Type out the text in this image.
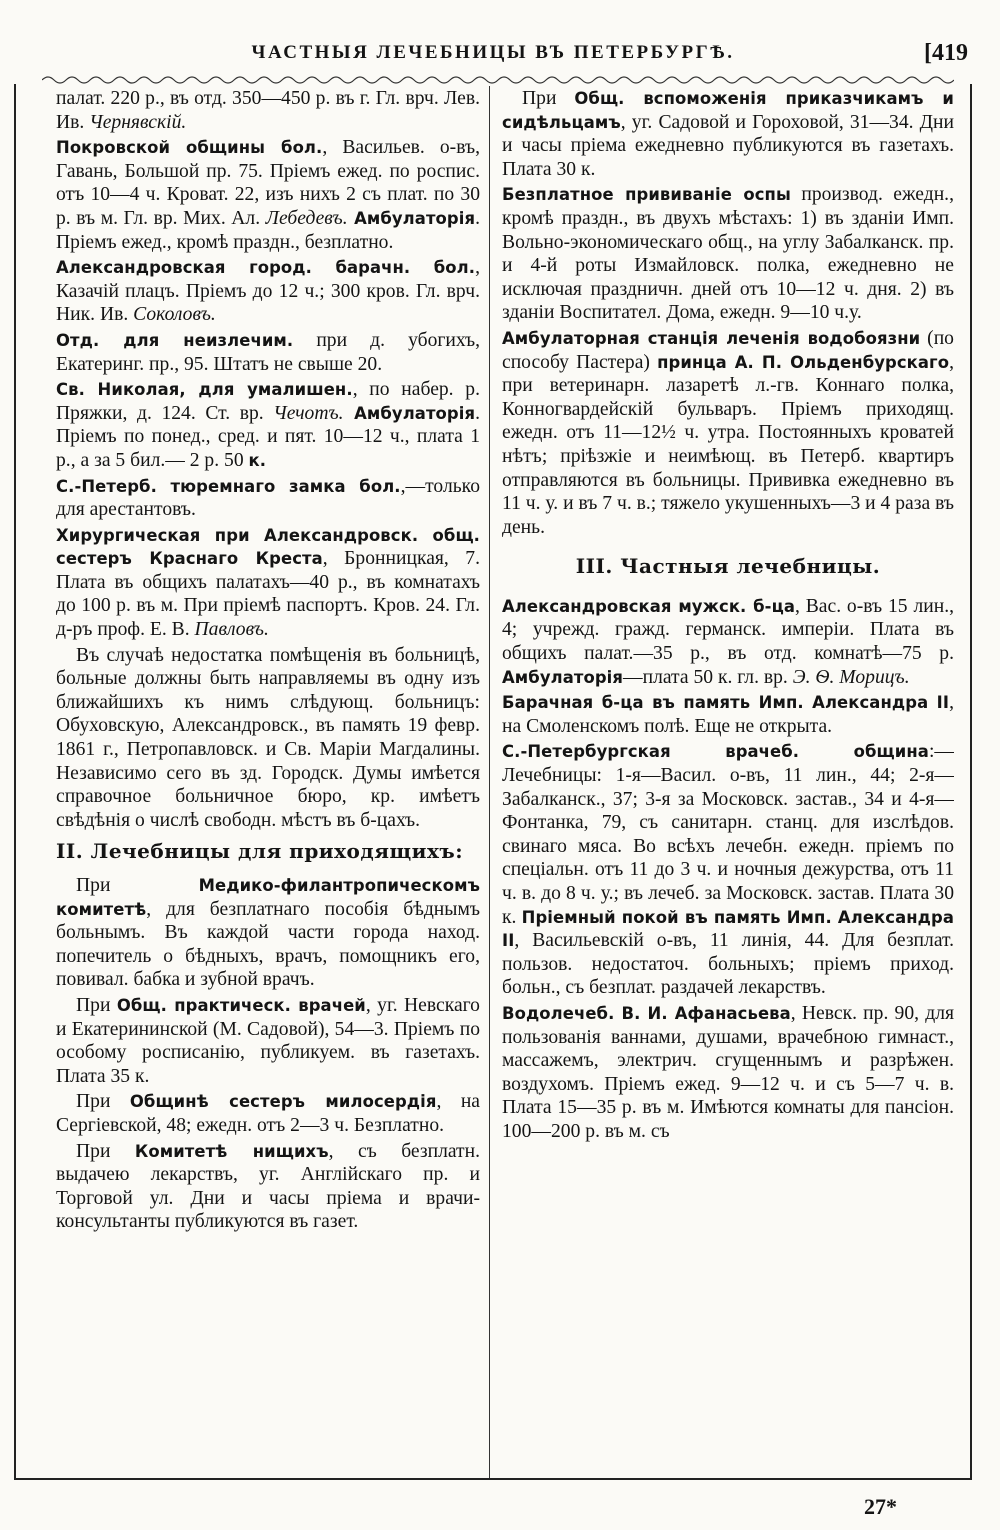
ЧАСТНЫЯ ЛЕЧЕБНИЦЫ ВЪ ПЕТЕРБУРГѢ.	[419

палат. 220 р., въ отд. 350—450 р. въ г. Гл. врч. Лев. Ив. Чернявскій.

Покровской общины бол., Васильев. о-въ, Гавань, Большой пр. 75. Пріемъ ежед. по роспис. отъ 10—4 ч. Кроват. 22, изъ нихъ 2 съ плат. по 30 р. въ м. Гл. вр. Мих. Ал. Лебедевъ. Амбулаторія. Пріемъ ежед., кромѣ праздн., безплатно.

Александровская город. барачн. бол., Казачій плацъ. Пріемъ до 12 ч.; 300 кров. Гл. врч. Ник. Ив. Соколовъ.

Отд. для неизлечим. при д. убогихъ, Екатеринг. пр., 95. Штатъ не свыше 20.

Св. Николая, для умалишен., по набер. р. Пряжки, д. 124. Ст. вр. Чечотъ. Амбулаторія. Пріемъ по понед., сред. и пят. 10—12 ч., плата 1 р., а за 5 бил.— 2 р. 50 к.

С.-Петерб. тюремнаго замка бол.,—только для арестантовъ.

Хирургическая при Александровск. общ. сестеръ Краснаго Креста, Бронницкая, 7. Плата въ общихъ палатахъ—40 р., въ комнатахъ до 100 р. въ м. При пріемѣ паспортъ. Кров. 24. Гл. д-ръ проф. Е. В. Павловъ.

Въ случаѣ недостатка помѣщенія въ больницѣ, больные должны быть направляемы въ одну изъ ближайшихъ къ нимъ слѣдующ. больницъ: Обуховскую, Александровск., въ память 19 февр. 1861 г., Петропавловск. и Св. Маріи Магдалины. Независимо сего въ зд. Городск. Думы имѣется справочное больничное бюро, кр. имѣетъ свѣдѣнія о числѣ свободн. мѣстъ въ б-цахъ.

II. Лечебницы для приходящихъ:

При Медико-филантропическомъ комитетѣ, для безплатнаго пособія бѣднымъ больнымъ. Въ каждой части города наход. попечитель о бѣдныхъ, врачъ, помощникъ его, повивал. бабка и зубной врачъ.

При Общ. практическ. врачей, уг. Невскаго и Екатерининской (М. Садовой), 54—3. Пріемъ по особому росписанію, публикуем. въ газетахъ. Плата 35 к.

При Общинѣ сестеръ милосердія, на Сергіевской, 48; ежедн. отъ 2—3 ч. Безплатно.

При Комитетѣ нищихъ, съ безплатн. выдачею лекарствъ, уг. Англійскаго пр. и Торговой ул. Дни и часы пріема и врачи-консультанты публикуются въ газет.

При Общ. вспоможенія приказчикамъ и сидѣльцамъ, уг. Садовой и Гороховой, 31—34. Дни и часы пріема ежедневно публикуются въ газетахъ. Плата 30 к.

Безплатное прививаніе оспы производ. ежедн., кромѣ праздн., въ двухъ мѣстахъ: 1) въ зданіи Имп. Вольно-экономическаго общ., на углу Забалканск. пр. и 4-й роты Измайловск. полка, ежедневно не исключая праздничн. дней отъ 10—12 ч. дня. 2) въ зданіи Воспитател. Дома, ежедн. 9—10 ч.у.

Амбулаторная станція леченія водобоязни (по способу Пастера) принца А. П. Ольденбурскаго, при ветеринарн. лазаретѣ л.-гв. Коннаго полка, Конногвардейскій бульваръ. Пріемъ приходящ. ежедн. отъ 11—12½ ч. утра. Постоянныхъ кроватей нѣтъ; пріѣзжіе и неимѣющ. въ Петерб. квартиръ отправляются въ больницы. Прививка ежедневно въ 11 ч. у. и въ 7 ч. в.; тяжело укушенныхъ—3 и 4 раза въ день.

III. Частныя лечебницы.

Александровская мужск. б-ца, Вас. о-въ 15 лин., 4; учрежд. гражд. германск. имперіи. Плата въ общихъ палат.—35 р., въ отд. комнатѣ—75 р. Амбулаторія—плата 50 к. гл. вр. Э. Ѳ. Морицъ.

Барачная б-ца въ память Имп. Александра II, на Смоленскомъ полѣ. Еще не открыта.

С.-Петербургская врачеб. община:—Лечебницы: 1-я—Васил. о-въ, 11 лин., 44; 2-я—Забалканск., 37; 3-я за Московск. застав., 34 и 4-я—Фонтанка, 79, съ санитарн. станц. для изслѣдов. свинаго мяса. Во всѣхъ лечебн. ежедн. пріемъ по спеціальн. отъ 11 до 3 ч. и ночныя дежурства, отъ 11 ч. в. до 8 ч. у.; въ лечеб. за Московск. застав. Плата 30 к. Пріемный покой въ память Имп. Александра II, Васильевскій о-въ, 11 линія, 44. Для безплат. пользов. недостаточ. больныхъ; пріемъ приход. больн., съ безплат. раздачей лекарствъ.

Водолечеб. В. И. Афанасьева, Невск. пр. 90, для пользованія ваннами, душами, врачебною гимнаст., массажемъ, электрич. сгущеннымъ и разрѣжен. воздухомъ. Пріемъ ежед. 9—12 ч. и съ 5—7 ч. в. Плата 15—35 р. въ м. Имѣются комнаты для пансіон. 100—200 р. въ м. съ

27*
